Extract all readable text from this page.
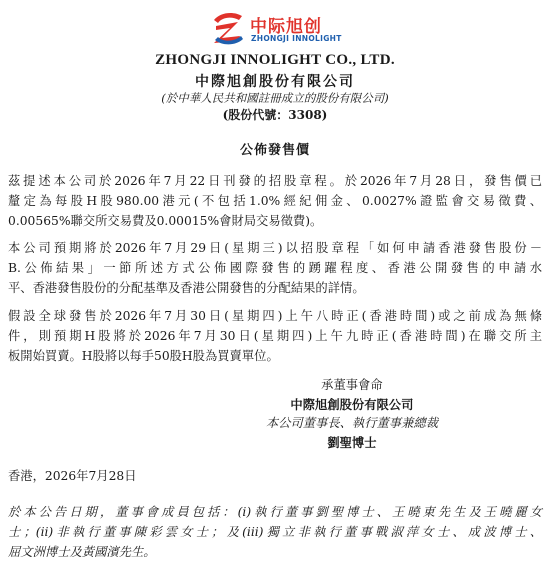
中际旭创
ZHONGJI INNOLIGHT
ZHONGJI INNOLIGHT CO., LTD.
中際旭創股份有限公司
(於中華人民共和國註冊成立的股份有限公司)
(股份代號：3308)
公佈發售價
茲提述本公司於2026年7月22日刊發的招股章程。於2026年7月28日，發售價已
釐定為每股H股980.00港元(不包括1.0%經紀佣金、0.0027%證監會交易徵費、
0.00565%聯交所交易費及0.00015%會財局交易徵費)。
本公司預期將於2026年7月29日(星期三)以招股章程「如何申請香港發售股份－
B.公佈結果」一節所述方式公佈國際發售的踴躍程度、香港公開發售的申請水
平、香港發售股份的分配基準及香港公開發售的分配結果的詳情。
假設全球發售於2026年7月30日(星期四)上午八時正(香港時間)或之前成為無條
件，則預期H股將於2026年7月30日(星期四)上午九時正(香港時間)在聯交所主
板開始買賣。H股將以每手50股H股為買賣單位。
承董事會命
中際旭創股份有限公司
本公司董事長、執行董事兼總裁
劉聖博士
香港，2026年7月28日
於本公告日期，董事會成員包括：(i)執行董事劉聖博士、王曉東先生及王曉麗女
士；(ii)非執行董事陳彩雲女士；及(iii)獨立非執行董事戰淑萍女士、成波博士、
屈文洲博士及黃國濱先生。
